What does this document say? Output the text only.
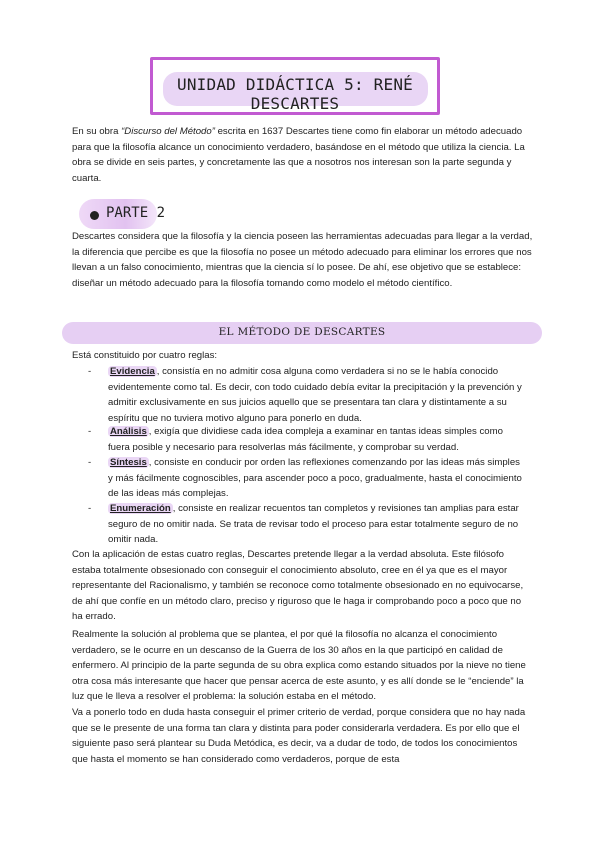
UNIDAD DIDÁCTICA 5: RENÉ DESCARTES

En su obra “Discurso del Método” escrita en 1637 Descartes tiene como fin elaborar un método adecuado para que la filosofía alcance un conocimiento verdadero, basándose en el método que utiliza la ciencia. La obra se divide en seis partes, y concretamente las que a nosotros nos interesan son la parte segunda y cuarta.

PARTE 2

Descartes considera que la filosofía y la ciencia poseen las herramientas adecuadas para llegar a la verdad, la diferencia que percibe es que la filosofía no posee un método adecuado para eliminar los errores que nos llevan a un falso conocimiento, mientras que la ciencia sí lo posee. De ahí, ese objetivo que se establece: diseñar un método adecuado para la filosofía tomando como modelo el método científico.

EL MÉTODO DE DESCARTES

Está constituido por cuatro reglas:

- Evidencia , consistía en no admitir cosa alguna como verdadera si no se le había conocido evidentemente como tal. Es decir, con todo cuidado debía evitar la precipitación y la prevención y admitir exclusivamente en sus juicios aquello que se presentara tan clara y distintamente a su espíritu que no tuviera motivo alguno para ponerlo en duda.

- Análisis , exigía que dividiese cada idea compleja a examinar en tantas ideas simples como fuera posible y necesario para resolverlas más fácilmente, y comprobar su verdad.

- Síntesis , consiste en conducir por orden las reflexiones comenzando por las ideas más simples y más fácilmente cognoscibles, para ascender poco a poco, gradualmente, hasta el conocimiento de las ideas más complejas.

- Enumeración , consiste en realizar recuentos tan completos y revisiones tan amplias para estar seguro de no omitir nada. Se trata de revisar todo el proceso para estar totalmente seguro de no omitir nada.

Con la aplicación de estas cuatro reglas, Descartes pretende llegar a la verdad absoluta. Este filósofo estaba totalmente obsesionado con conseguir el conocimiento absoluto, cree en él ya que es el mayor representante del Racionalismo, y también se reconoce como totalmente obsesionado en no equivocarse, de ahí que confíe en un método claro, preciso y riguroso que le haga ir comprobando poco a poco que no ha errado.

Realmente la solución al problema que se plantea, el por qué la filosofía no alcanza el conocimiento verdadero, se le ocurre en un descanso de la Guerra de los 30 años en la que participó en calidad de enfermero. Al principio de la parte segunda de su obra explica como estando situados por la nieve no tiene otra cosa más interesante que hacer que pensar acerca de este asunto, y es allí donde se le “enciende” la luz que le lleva a resolver el problema: la solución estaba en el método.

Va a ponerlo todo en duda hasta conseguir el primer criterio de verdad, porque considera que no hay nada que se le presente de una forma tan clara y distinta para poder considerarla verdadera. Es por ello que el siguiente paso será plantear su Duda Metódica, es decir, va a dudar de todo, de todos los conocimientos que hasta el momento se han considerado como verdaderos, porque de esta
